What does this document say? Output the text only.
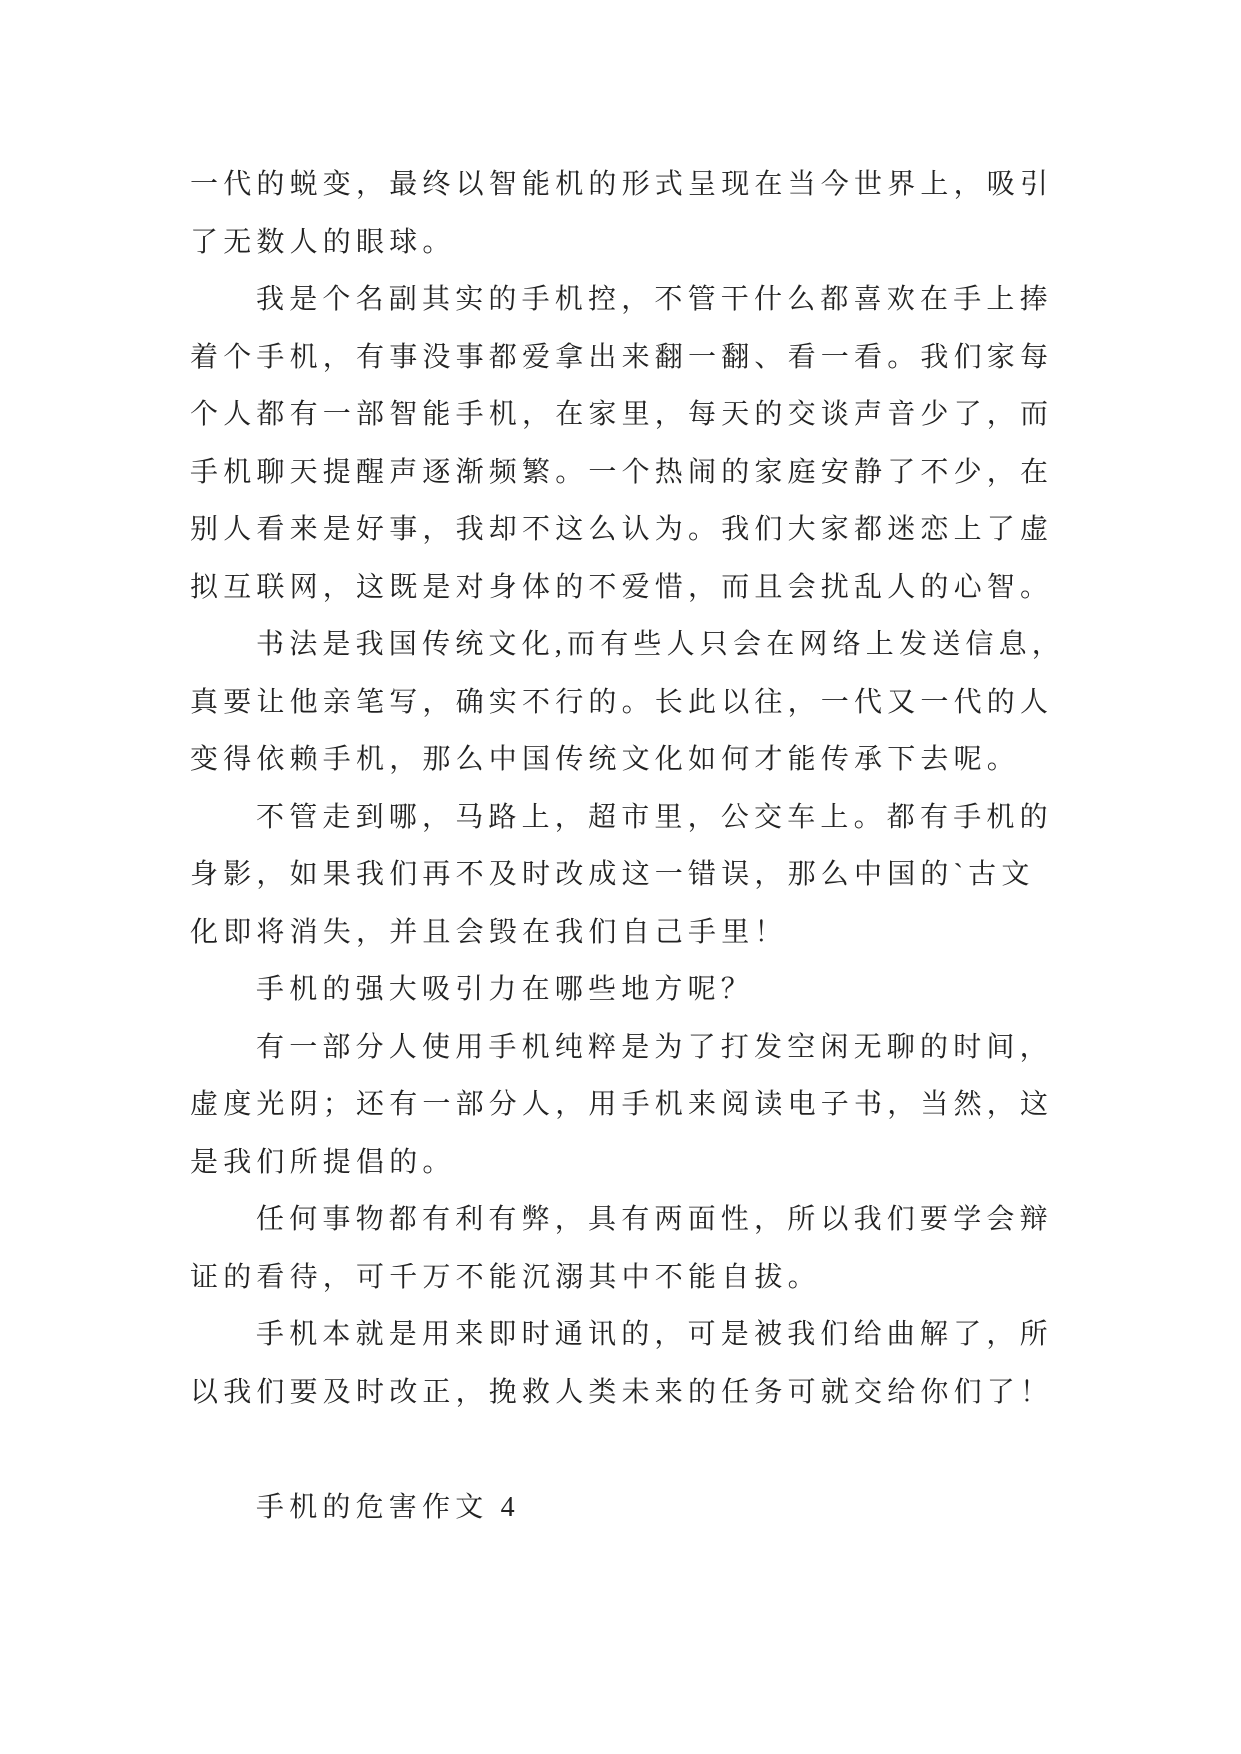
一代的蜕变，最终以智能机的形式呈现在当今世界上，吸引
了无数人的眼球。
我是个名副其实的手机控，不管干什么都喜欢在手上捧
着个手机，有事没事都爱拿出来翻一翻、看一看。我们家每
个人都有一部智能手机，在家里，每天的交谈声音少了，而
手机聊天提醒声逐渐频繁。一个热闹的家庭安静了不少，在
别人看来是好事，我却不这么认为。我们大家都迷恋上了虚
拟互联网，这既是对身体的不爱惜，而且会扰乱人的心智。
书法是我国传统文化,而有些人只会在网络上发送信息，
真要让他亲笔写，确实不行的。长此以往，一代又一代的人
变得依赖手机，那么中国传统文化如何才能传承下去呢。
不管走到哪，马路上，超市里，公交车上。都有手机的
身影，如果我们再不及时改成这一错误，那么中国的`古文
化即将消失，并且会毁在我们自己手里！
手机的强大吸引力在哪些地方呢？
有一部分人使用手机纯粹是为了打发空闲无聊的时间，
虚度光阴；还有一部分人，用手机来阅读电子书，当然，这
是我们所提倡的。
任何事物都有利有弊，具有两面性，所以我们要学会辩
证的看待，可千万不能沉溺其中不能自拔。
手机本就是用来即时通讯的，可是被我们给曲解了，所
以我们要及时改正，挽救人类未来的任务可就交给你们了！
手机的危害作文 4
